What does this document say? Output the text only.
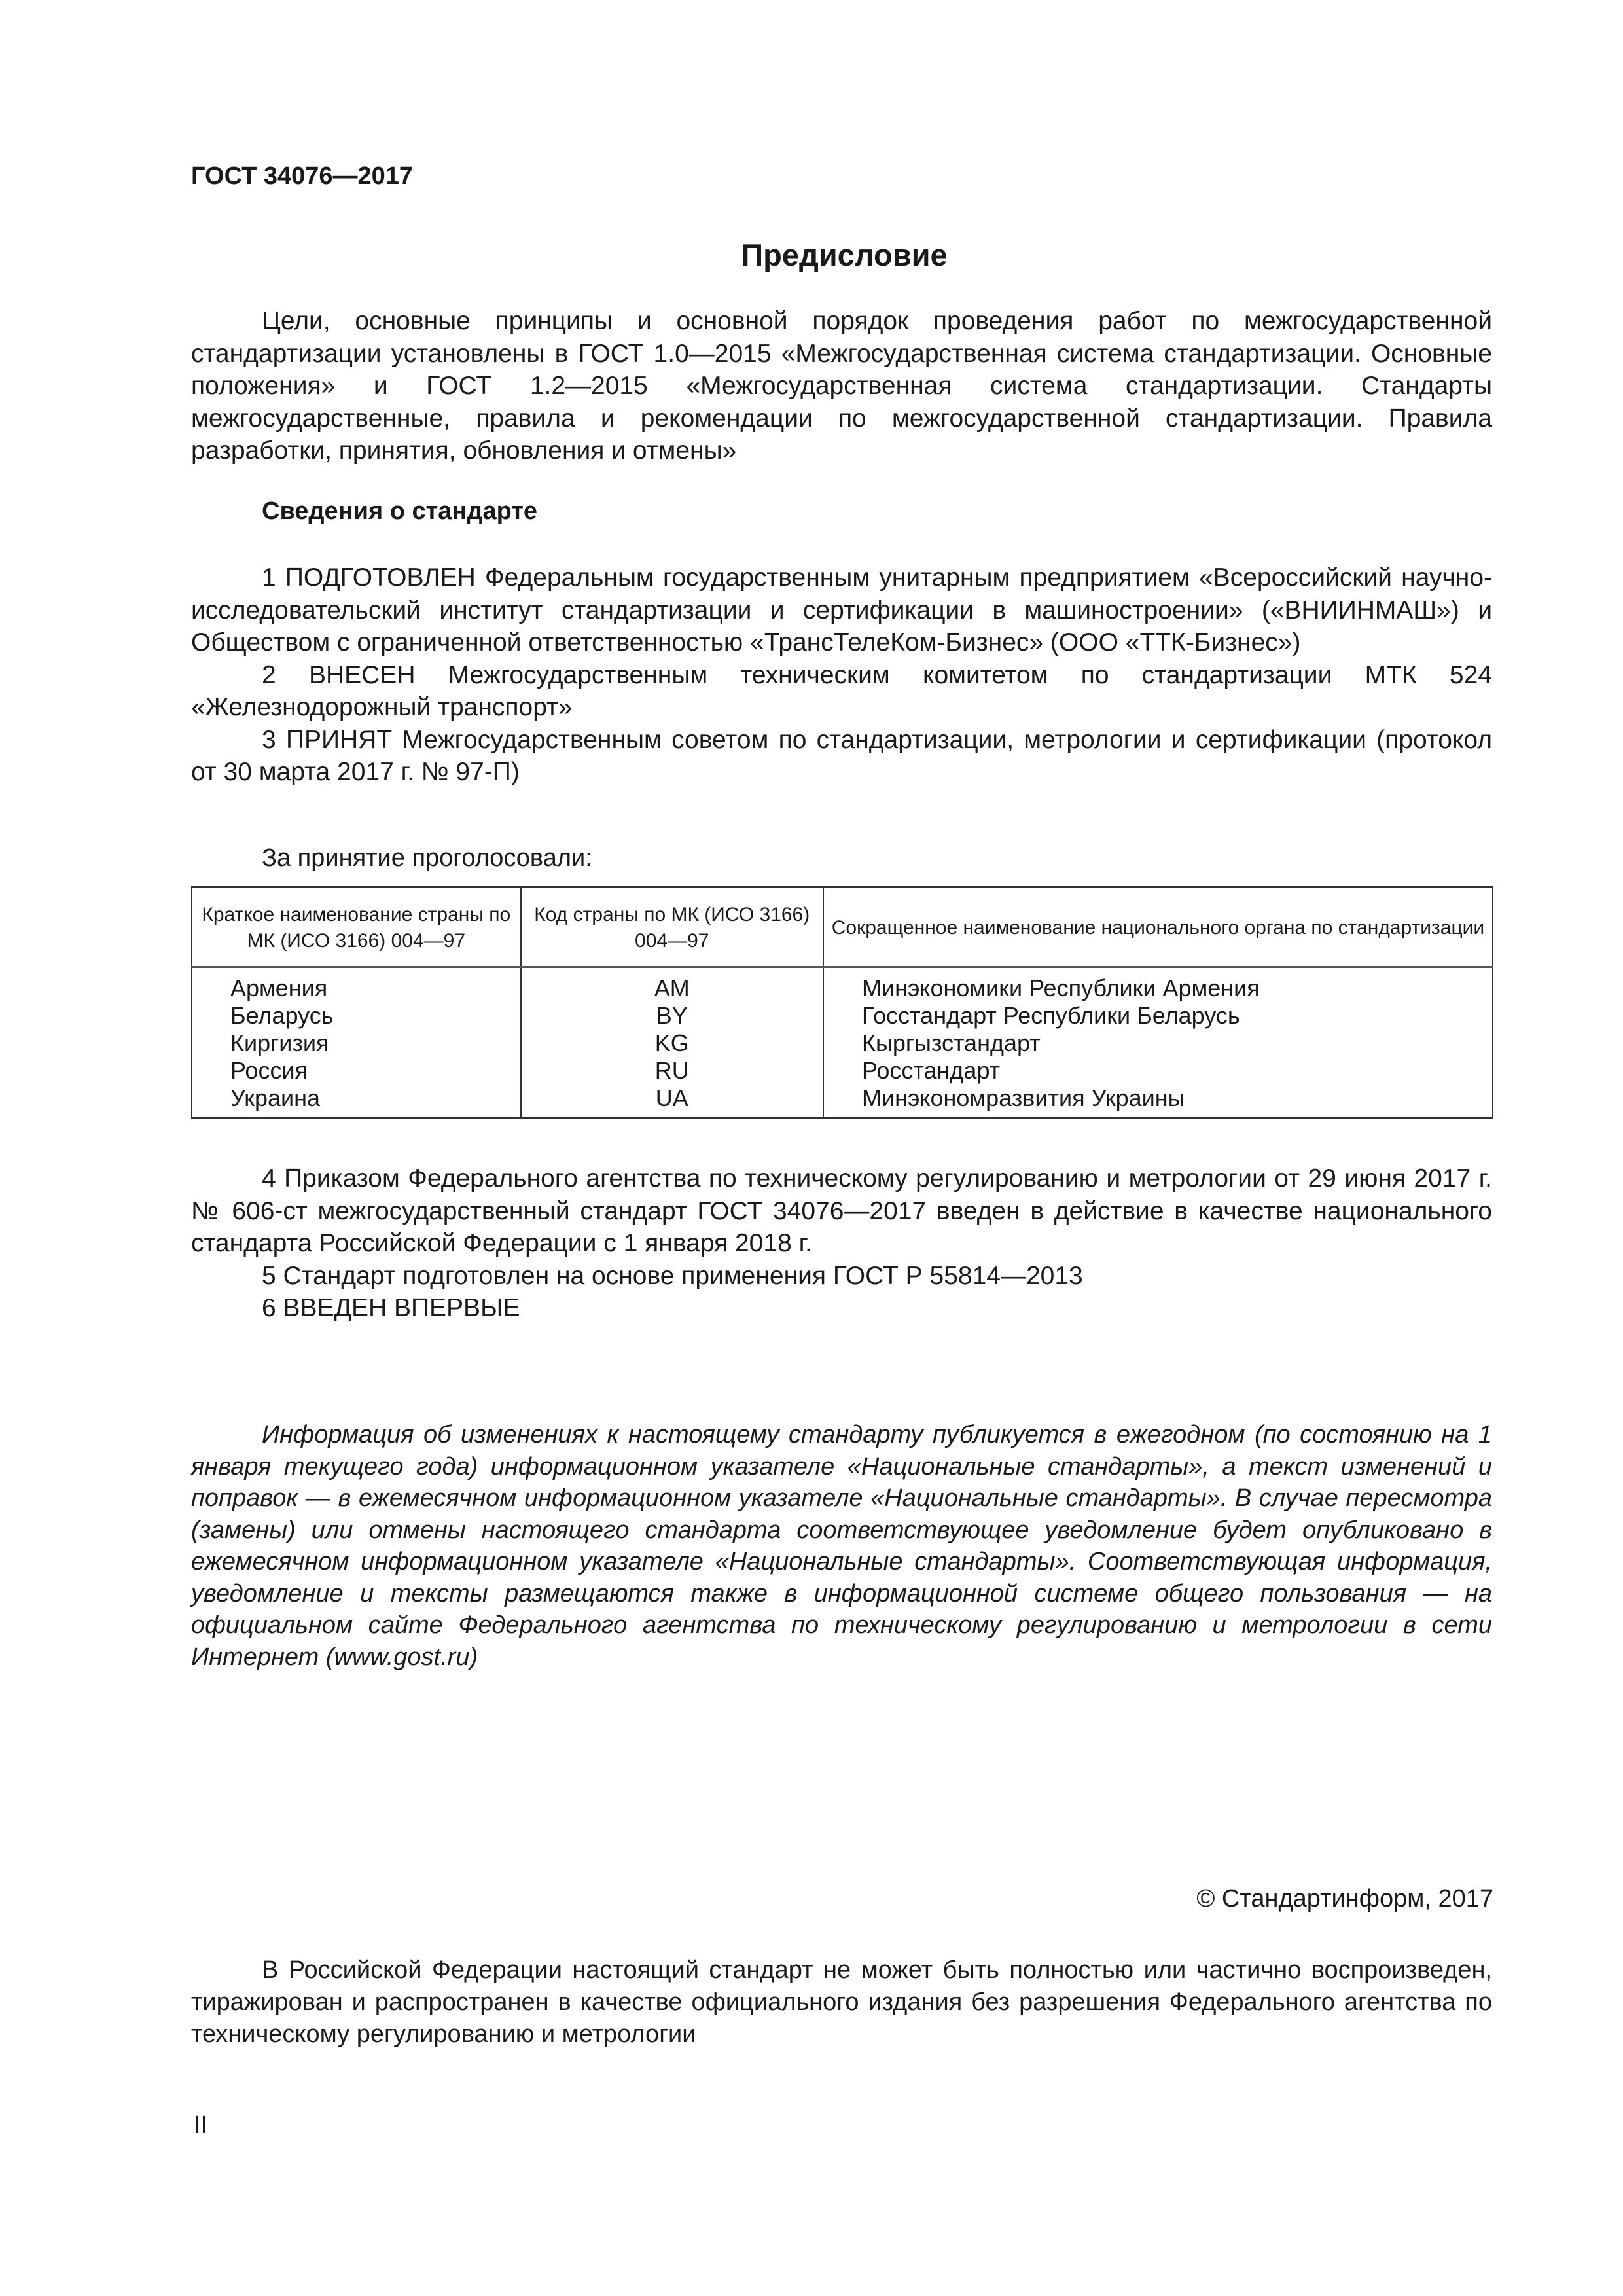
ГОСТ 34076—2017
Предисловие

Цели, основные принципы и основной порядок проведения работ по межгосударственной стандартизации установлены в ГОСТ 1.0—2015 «Межгосударственная система стандартизации. Основные положения» и ГОСТ 1.2—2015 «Межгосударственная система стандартизации. Стандарты межгосударственные, правила и рекомендации по межгосударственной стандартизации. Правила разработки, принятия, обновления и отмены»

Сведения о стандарте

1 ПОДГОТОВЛЕН Федеральным государственным унитарным предприятием «Всероссийский научно-исследовательский институт стандартизации и сертификации в машиностроении» («ВНИИНМАШ») и Обществом с ограниченной ответственностью «ТрансТелеКом-Бизнес» (ООО «ТТК-Бизнес»)

2 ВНЕСЕН Межгосударственным техническим комитетом по стандартизации МТК 524 «Железнодорожный транспорт»

3 ПРИНЯТ Межгосударственным советом по стандартизации, метрологии и сертификации (протокол от 30 марта 2017 г. № 97-П)

За принятие проголосовали:
Краткое наименование страны по МК (ИСО 3166) 004—97	Код страны по МК (ИСО 3166) 004—97	Сокращенное наименование национального органа по стандартизации
Армения	AM	Минэкономики Республики Армения
Беларусь	BY	Госстандарт Республики Беларусь
Киргизия	KG	Кыргызстандарт
Россия	RU	Росстандарт
Украина	UA	Минэкономразвития Украины

4 Приказом Федерального агентства по техническому регулированию и метрологии от 29 июня 2017 г. № 606-ст межгосударственный стандарт ГОСТ 34076—2017 введен в действие в качестве национального стандарта Российской Федерации с 1 января 2018 г.

5 Стандарт подготовлен на основе применения ГОСТ Р 55814—2013

6 ВВЕДЕН ВПЕРВЫЕ

Информация об изменениях к настоящему стандарту публикуется в ежегодном (по состоянию на 1 января текущего года) информационном указателе «Национальные стандарты», а текст изменений и поправок — в ежемесячном информационном указателе «Национальные стандарты». В случае пересмотра (замены) или отмены настоящего стандарта соответствующее уведомление будет опубликовано в ежемесячном информационном указателе «Национальные стандарты». Соответствующая информация, уведомление и тексты размещаются также в информационной системе общего пользования — на официальном сайте Федерального агентства по техническому регулированию и метрологии в сети Интернет (www.gost.ru)

© Стандартинформ, 2017

В Российской Федерации настоящий стандарт не может быть полностью или частично воспроизведен, тиражирован и распространен в качестве официального издания без разрешения Федерального агентства по техническому регулированию и метрологии

II
